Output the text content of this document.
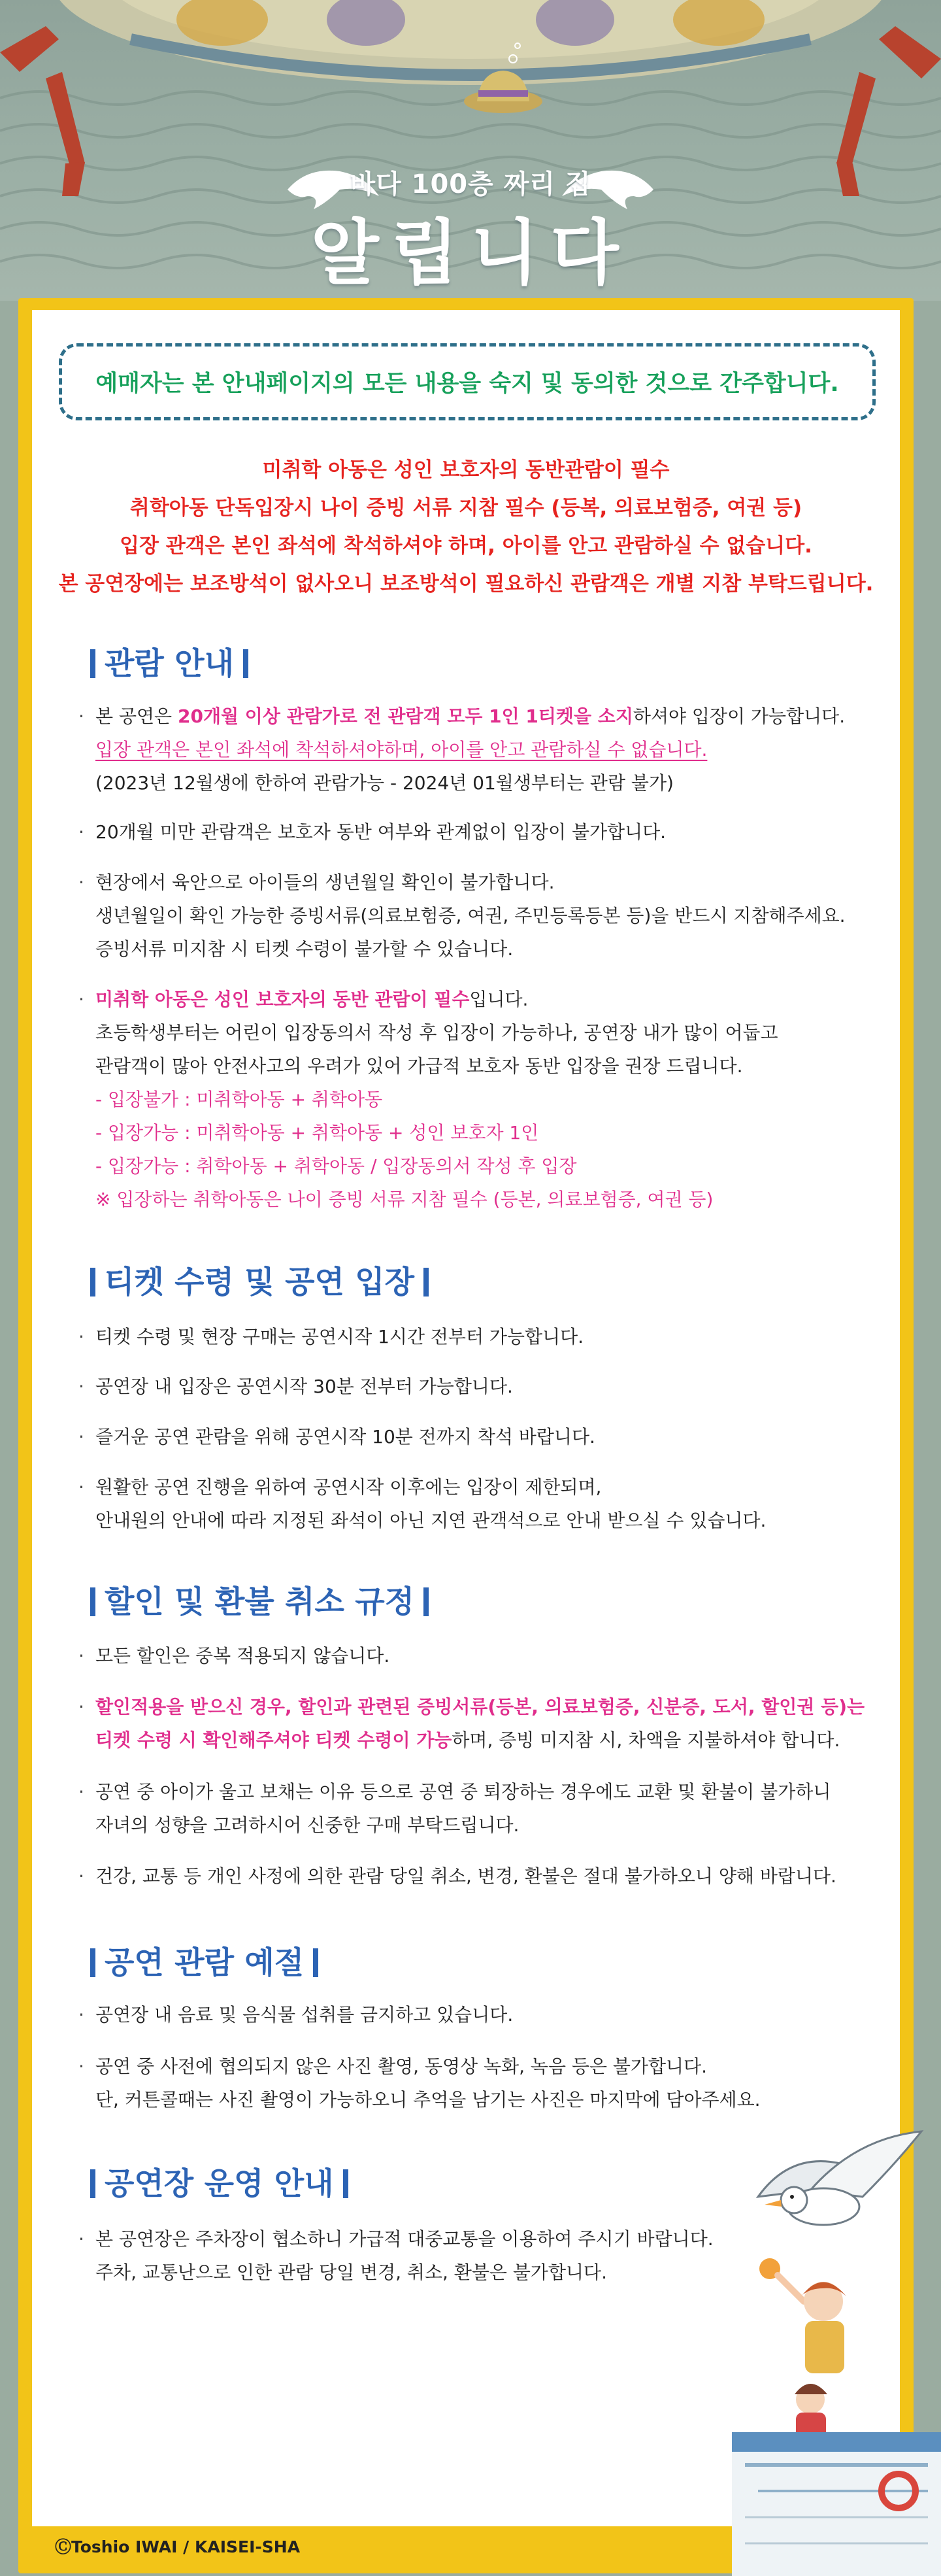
바다 100층 짜리 집
알립니다
예매자는 본 안내페이지의 모든 내용을 숙지 및 동의한 것으로 간주합니다.
미취학 아동은 성인 보호자의 동반관람이 필수
취학아동 단독입장시 나이 증빙 서류 지참 필수 (등복, 의료보험증, 여권 등)
입장 관객은 본인 좌석에 착석하셔야 하며, 아이를 안고 관람하실 수 없습니다.
본 공연장에는 보조방석이 없사오니 보조방석이 필요하신 관람객은 개별 지참 부탁드립니다.
관람 안내
· 본 공연은 20개월 이상 관람가로 전 관람객 모두 1인 1티켓을 소지하셔야 입장이 가능합니다.
입장 관객은 본인 좌석에 착석하셔야하며, 아이를 안고 관람하실 수 없습니다.
(2023년 12월생에 한하여 관람가능 - 2024년 01월생부터는 관람 불가)
· 20개월 미만 관람객은 보호자 동반 여부와 관계없이 입장이 불가합니다.
· 현장에서 육안으로 아이들의 생년월일 확인이 불가합니다.
생년월일이 확인 가능한 증빙서류(의료보험증, 여권, 주민등록등본 등)을 반드시 지참해주세요.
증빙서류 미지참 시 티켓 수령이 불가할 수 있습니다.
· 미취학 아동은 성인 보호자의 동반 관람이 필수입니다.
초등학생부터는 어린이 입장동의서 작성 후 입장이 가능하나, 공연장 내가 많이 어둡고
관람객이 많아 안전사고의 우려가 있어 가급적 보호자 동반 입장을 권장 드립니다.
- 입장불가 : 미취학아동 + 취학아동
- 입장가능 : 미취학아동 + 취학아동 + 성인 보호자 1인
- 입장가능 : 취학아동 + 취학아동 / 입장동의서 작성 후 입장
※ 입장하는 취학아동은 나이 증빙 서류 지참 필수 (등본, 의료보험증, 여권 등)
티켓 수령 및 공연 입장
· 티켓 수령 및 현장 구매는 공연시작 1시간 전부터 가능합니다.
· 공연장 내 입장은 공연시작 30분 전부터 가능합니다.
· 즐거운 공연 관람을 위해 공연시작 10분 전까지 착석 바랍니다.
· 원활한 공연 진행을 위하여 공연시작 이후에는 입장이 제한되며,
안내원의 안내에 따라 지정된 좌석이 아닌 지연 관객석으로 안내 받으실 수 있습니다.
할인 및 환불 취소 규정
· 모든 할인은 중복 적용되지 않습니다.
· 할인적용을 받으신 경우, 할인과 관련된 증빙서류(등본, 의료보험증, 신분증, 도서, 할인권 등)는
티켓 수령 시 확인해주셔야 티켓 수령이 가능하며, 증빙 미지참 시, 차액을 지불하셔야 합니다.
· 공연 중 아이가 울고 보채는 이유 등으로 공연 중 퇴장하는 경우에도 교환 및 환불이 불가하니
자녀의 성향을 고려하시어 신중한 구매 부탁드립니다.
· 건강, 교통 등 개인 사정에 의한 관람 당일 취소, 변경, 환불은 절대 불가하오니 양해 바랍니다.
공연 관람 예절
· 공연장 내 음료 및 음식물 섭취를 금지하고 있습니다.
· 공연 중 사전에 협의되지 않은 사진 촬영, 동영상 녹화, 녹음 등은 불가합니다.
단, 커튼콜때는 사진 촬영이 가능하오니 추억을 남기는 사진은 마지막에 담아주세요.
공연장 운영 안내
· 본 공연장은 주차장이 협소하니 가급적 대중교통을 이용하여 주시기 바랍니다.
주차, 교통난으로 인한 관람 당일 변경, 취소, 환불은 불가합니다.
ⒸToshio IWAI / KAISEI-SHA
